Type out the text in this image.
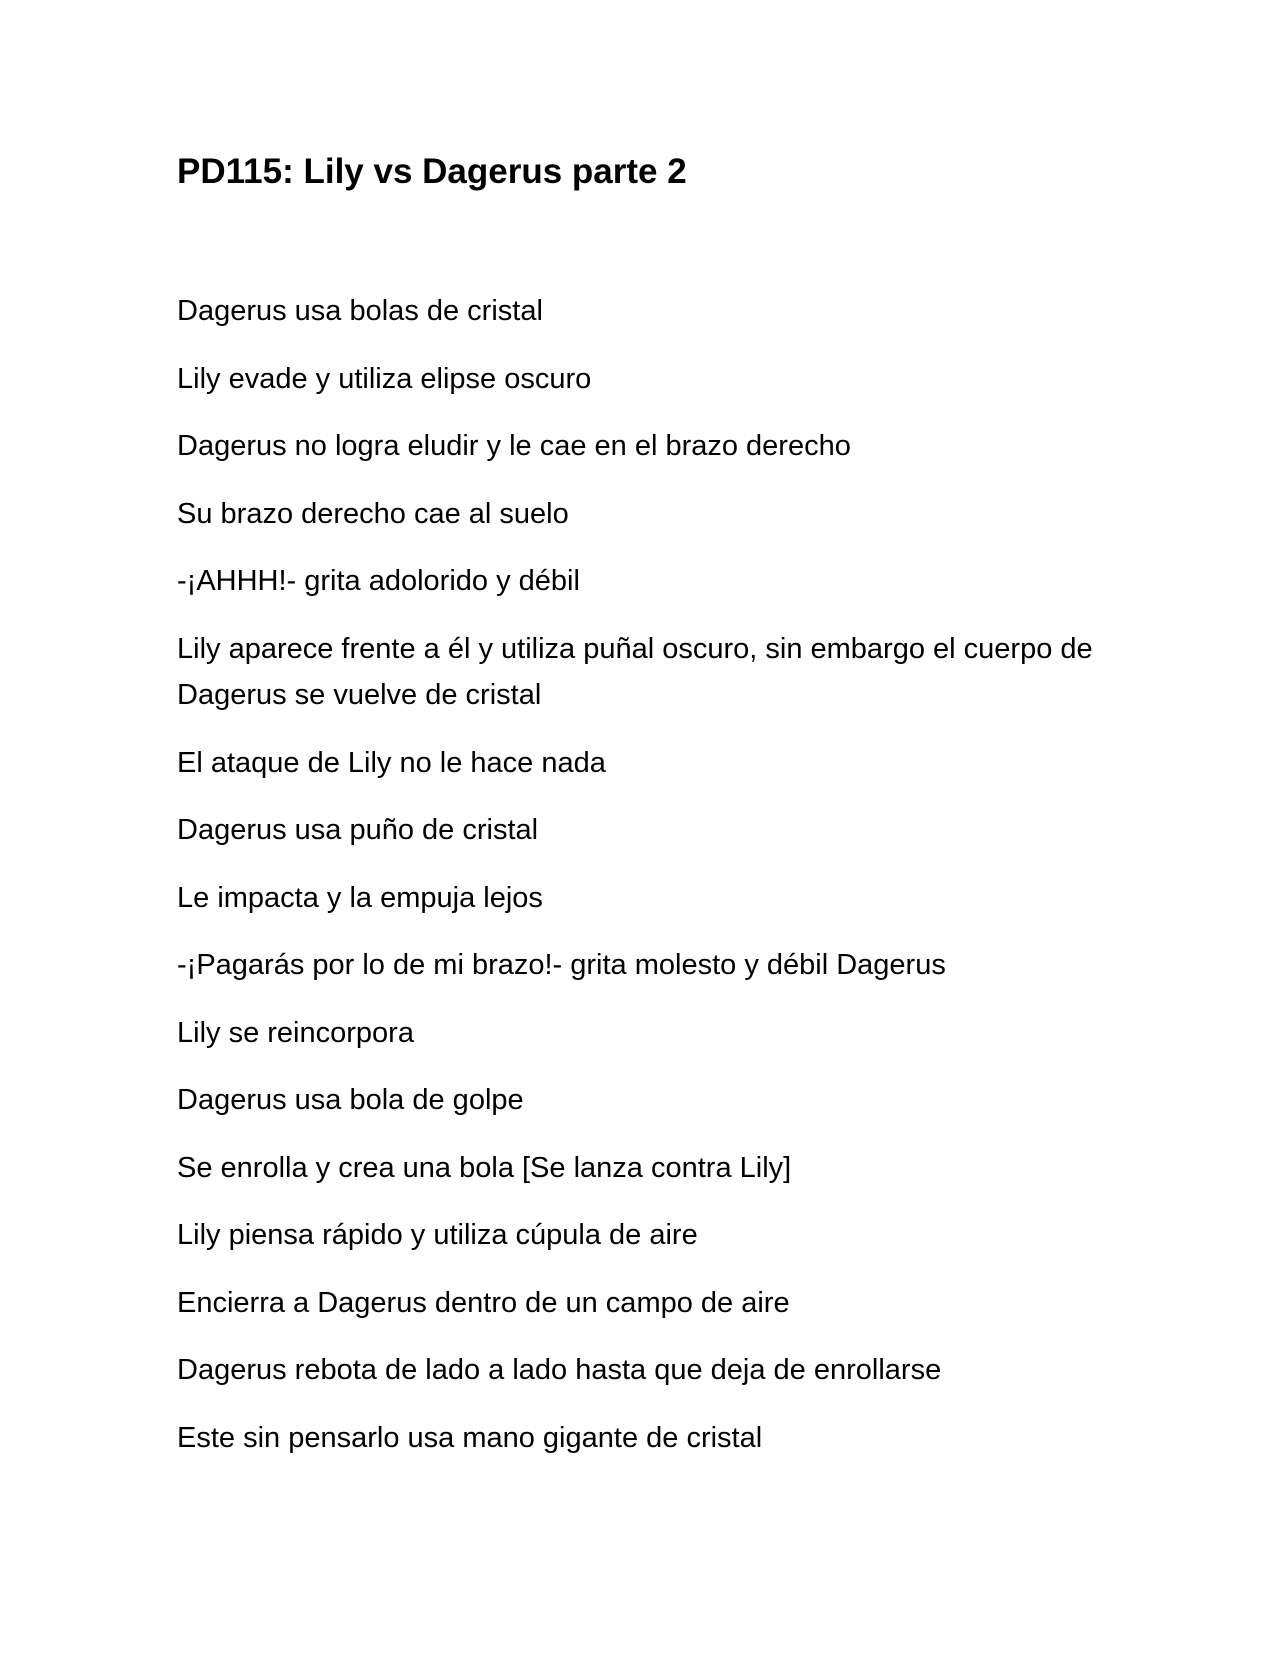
PD115: Lily vs Dagerus parte 2

Dagerus usa bolas de cristal

Lily evade y utiliza elipse oscuro

Dagerus no logra eludir y le cae en el brazo derecho

Su brazo derecho cae al suelo

-¡AHHH!- grita adolorido y débil

Lily aparece frente a él y utiliza puñal oscuro, sin embargo el cuerpo de Dagerus se vuelve de cristal

El ataque de Lily no le hace nada

Dagerus usa puño de cristal

Le impacta y la empuja lejos

-¡Pagarás por lo de mi brazo!- grita molesto y débil Dagerus

Lily se reincorpora

Dagerus usa bola de golpe

Se enrolla y crea una bola [Se lanza contra Lily]

Lily piensa rápido y utiliza cúpula de aire

Encierra a Dagerus dentro de un campo de aire

Dagerus rebota de lado a lado hasta que deja de enrollarse

Este sin pensarlo usa mano gigante de cristal
